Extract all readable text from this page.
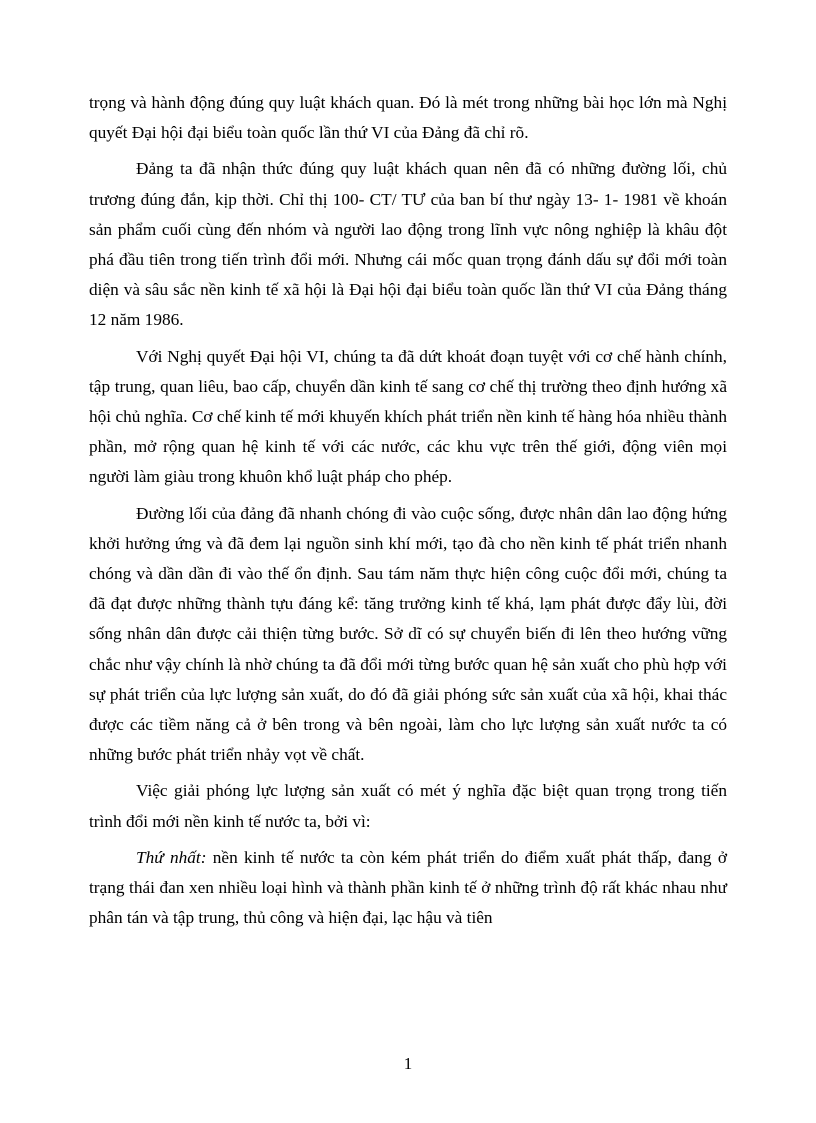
trọng và hành động đúng quy luật khách quan. Đó là mét trong những bài học lớn mà Nghị quyết Đại hội đại biểu toàn quốc lần thứ VI của Đảng đã chỉ rõ.

Đảng ta đã nhận thức đúng quy luật khách quan nên đã có những đường lối, chủ trương đúng đắn, kịp thời. Chỉ thị 100- CT/ TƯ của ban bí thư ngày 13- 1- 1981 về khoán sản phẩm cuối cùng đến nhóm và người lao động trong lĩnh vực nông nghiệp là khâu đột phá đầu tiên trong tiến trình đổi mới. Nhưng cái mốc quan trọng đánh dấu sự đổi mới toàn diện và sâu sắc nền kinh tế xã hội là Đại hội đại biểu toàn quốc lần thứ VI của Đảng tháng 12 năm 1986.

Với Nghị quyết Đại hội VI, chúng ta đã dứt khoát đoạn tuyệt với cơ chế hành chính, tập trung, quan liêu, bao cấp, chuyển dần kinh tế sang cơ chế thị trường theo định hướng xã hội chủ nghĩa. Cơ chế kinh tế mới khuyến khích phát triển nền kinh tế hàng hóa nhiều thành phần, mở rộng quan hệ kinh tế với các nước, các khu vực trên thế giới, động viên mọi người làm giàu trong khuôn khổ luật pháp cho phép.

Đường lối của đảng đã nhanh chóng đi vào cuộc sống, được nhân dân lao động hứng khởi hưởng ứng và đã đem lại nguồn sinh khí mới, tạo đà cho nền kinh tế phát triển nhanh chóng và dần dần đi vào thế ổn định. Sau tám năm thực hiện công cuộc đổi mới, chúng ta đã đạt được những thành tựu đáng kể: tăng trưởng kinh tế khá, lạm phát được đẩy lùi, đời sống nhân dân được cải thiện từng bước. Sở dĩ có sự chuyển biến đi lên theo hướng vững chắc như vậy chính là nhờ chúng ta đã đổi mới từng bước quan hệ sản xuất cho phù hợp với sự phát triển của lực lượng sản xuất, do đó đã giải phóng sức sản xuất của xã hội, khai thác được các tiềm năng cả ở bên trong và bên ngoài, làm cho lực lượng sản xuất nước ta có những bước phát triển nhảy vọt về chất.

Việc giải phóng lực lượng sản xuất có mét ý nghĩa đặc biệt quan trọng trong tiến trình đổi mới nền kinh tế nước ta, bởi vì:

Thứ nhất: nền kinh tế nước ta còn kém phát triển do điểm xuất phát thấp, đang ở trạng thái đan xen nhiều loại hình và thành phần kinh tế ở những trình độ rất khác nhau như phân tán và tập trung, thủ công và hiện đại, lạc hậu và tiên

1
